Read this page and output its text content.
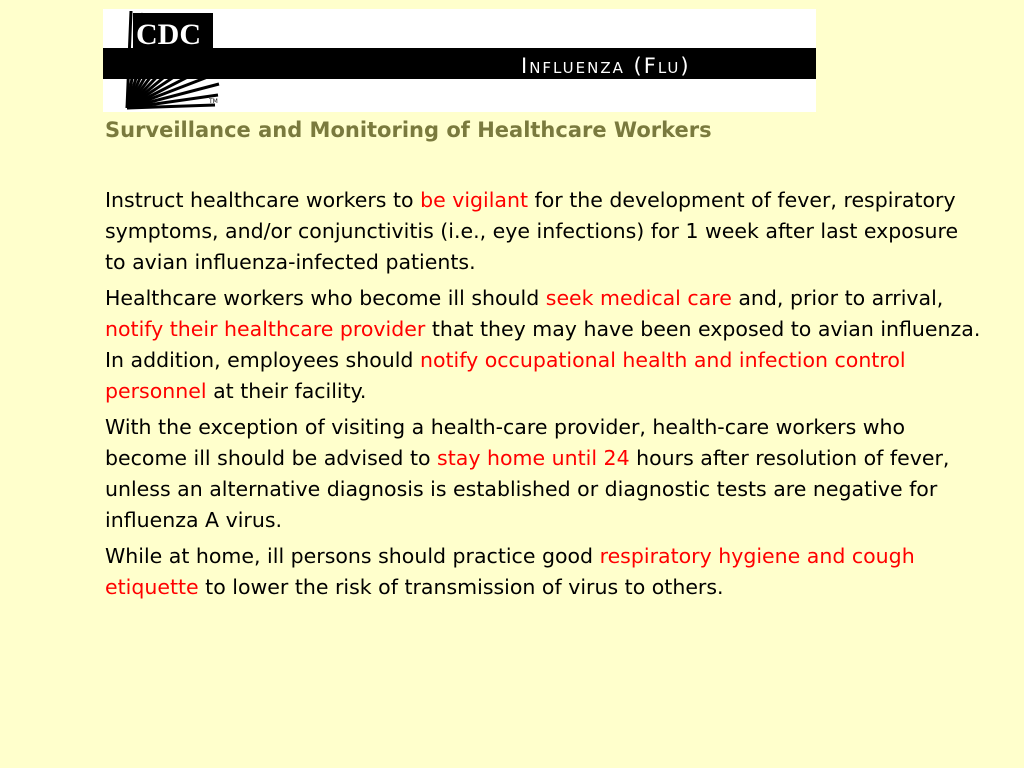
CDC
Influenza (Flu)
TM
Surveillance and Monitoring of Healthcare Workers

Instruct healthcare workers to be vigilant for the development of fever, respiratory symptoms, and/or conjunctivitis (i.e., eye infections) for 1 week after last exposure to avian influenza-infected patients.

Healthcare workers who become ill should seek medical care and, prior to arrival, notify their healthcare provider that they may have been exposed to avian influenza. In addition, employees should notify occupational health and infection control personnel at their facility.

With the exception of visiting a health-care provider, health-care workers who become ill should be advised to stay home until 24 hours after resolution of fever, unless an alternative diagnosis is established or diagnostic tests are negative for influenza A virus.

While at home, ill persons should practice good respiratory hygiene and cough etiquette to lower the risk of transmission of virus to others.
